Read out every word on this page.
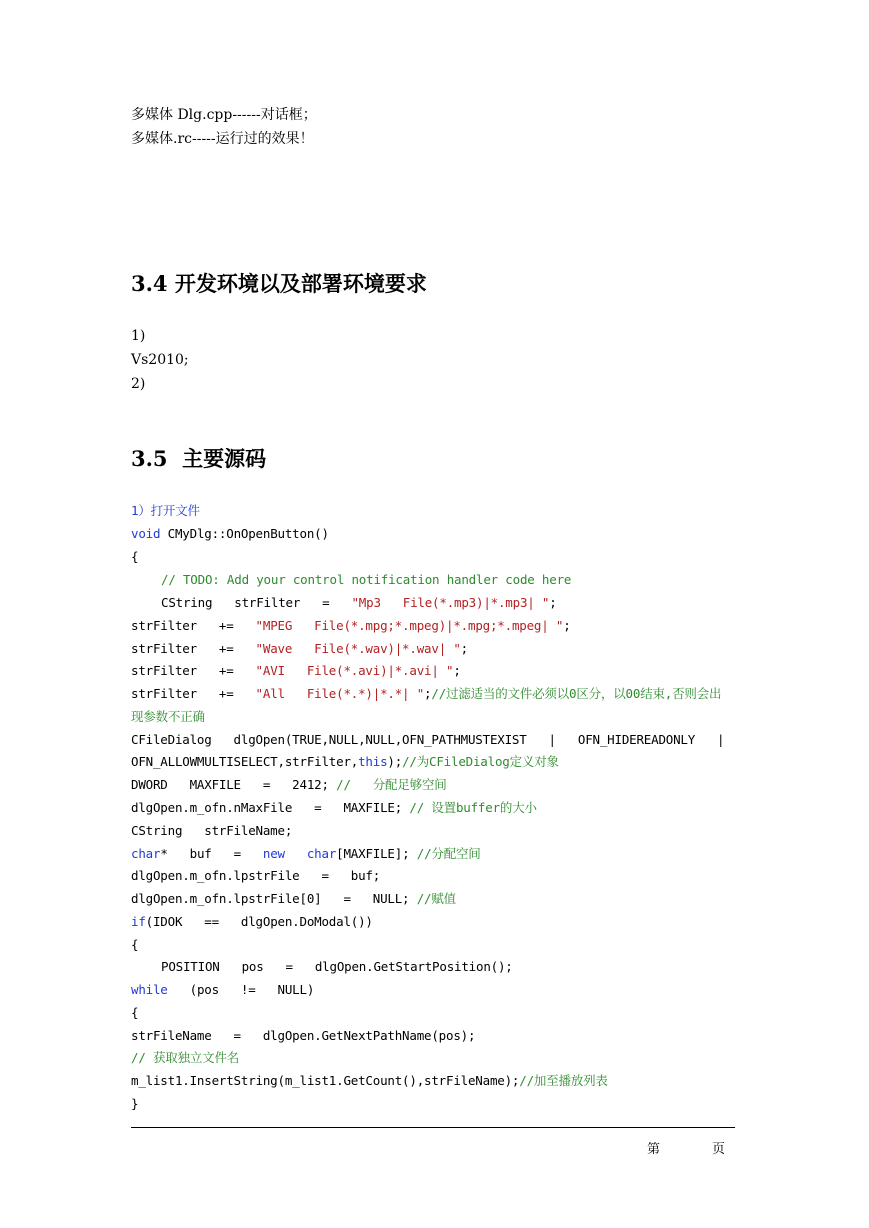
多媒体 Dlg.cpp------对话框；
多媒体.rc-----运行过的效果！
3.4 开发环境以及部署环境要求
1)
Vs2010;
2)
3.5  主要源码
1）打开文件
void CMyDlg::OnOpenButton()
{
// TODO: Add your control notification handler code here
CString   strFilter   =   "Mp3   File(*.mp3)|*.mp3| ";
strFilter   +=   "MPEG   File(*.mpg;*.mpeg)|*.mpg;*.mpeg| ";
strFilter   +=   "Wave   File(*.wav)|*.wav| ";
strFilter   +=   "AVI   File(*.avi)|*.avi| ";
strFilter   +=   "All   File(*.*)|*.*| ";//过滤适当的文件必须以0区分，以00结束,否则会出
现参数不正确
CFileDialog   dlgOpen(TRUE,NULL,NULL,OFN_PATHMUSTEXIST   |   OFN_HIDEREADONLY   |
OFN_ALLOWMULTISELECT,strFilter,this);//为CFileDialog定义对象
DWORD   MAXFILE   =   2412; //   分配足够空间
dlgOpen.m_ofn.nMaxFile   =   MAXFILE; // 设置buffer的大小
CString   strFileName;
char*   buf   =   new char[MAXFILE]; //分配空间
dlgOpen.m_ofn.lpstrFile   =   buf;
dlgOpen.m_ofn.lpstrFile[0]   =   NULL; //赋值
if(IDOK   ==   dlgOpen.DoModal())
{
POSITION   pos   =   dlgOpen.GetStartPosition();
while   (pos   !=   NULL)
{
strFileName   =   dlgOpen.GetNextPathName(pos);
// 获取独立文件名
m_list1.InsertString(m_list1.GetCount(),strFileName);//加至播放列表
}
第	页
